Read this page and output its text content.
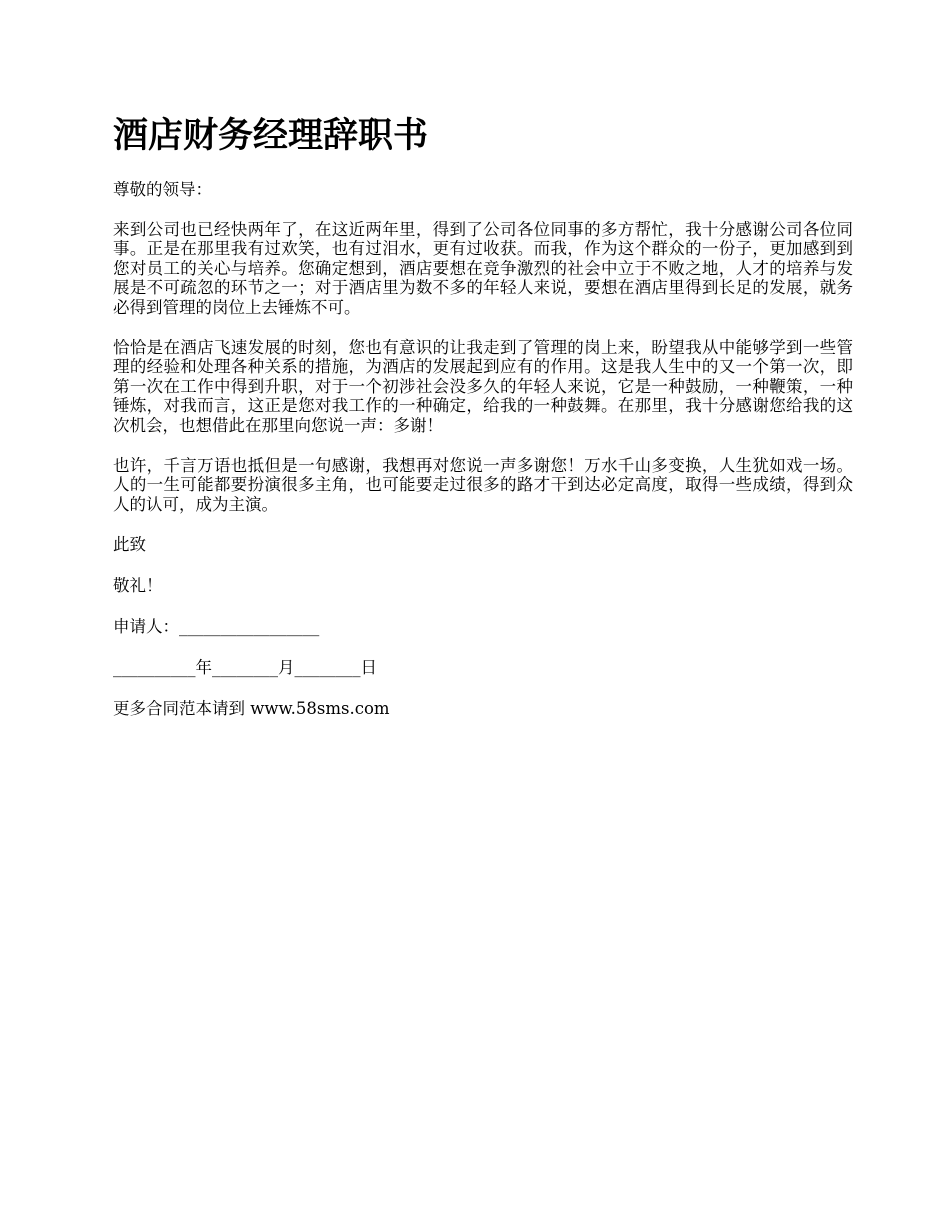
酒店财务经理辞职书

尊敬的领导：

来到公司也已经快两年了，在这近两年里，得到了公司各位同事的多方帮忙，我十分感谢公司各位同事。正是在那里我有过欢笑，也有过泪水，更有过收获。而我，作为这个群众的一份子，更加感到到您对员工的关心与培养。您确定想到，酒店要想在竞争激烈的社会中立于不败之地，人才的培养与发展是不可疏忽的环节之一；对于酒店里为数不多的年轻人来说，要想在酒店里得到长足的发展，就务必得到管理的岗位上去锤炼不可。

恰恰是在酒店飞速发展的时刻，您也有意识的让我走到了管理的岗上来，盼望我从中能够学到一些管理的经验和处理各种关系的措施，为酒店的发展起到应有的作用。这是我人生中的又一个第一次，即第一次在工作中得到升职，对于一个初涉社会没多久的年轻人来说，它是一种鼓励，一种鞭策，一种锤炼，对我而言，这正是您对我工作的一种确定，给我的一种鼓舞。在那里，我十分感谢您给我的这次机会，也想借此在那里向您说一声：多谢！

也许，千言万语也抵但是一句感谢，我想再对您说一声多谢您！万水千山多变换，人生犹如戏一场。人的一生可能都要扮演很多主角，也可能要走过很多的路才干到达必定高度，取得一些成绩，得到众人的认可，成为主演。

此致

敬礼！

申请人：_________________

__________年________月________日

更多合同范本请到 www.58sms.com
